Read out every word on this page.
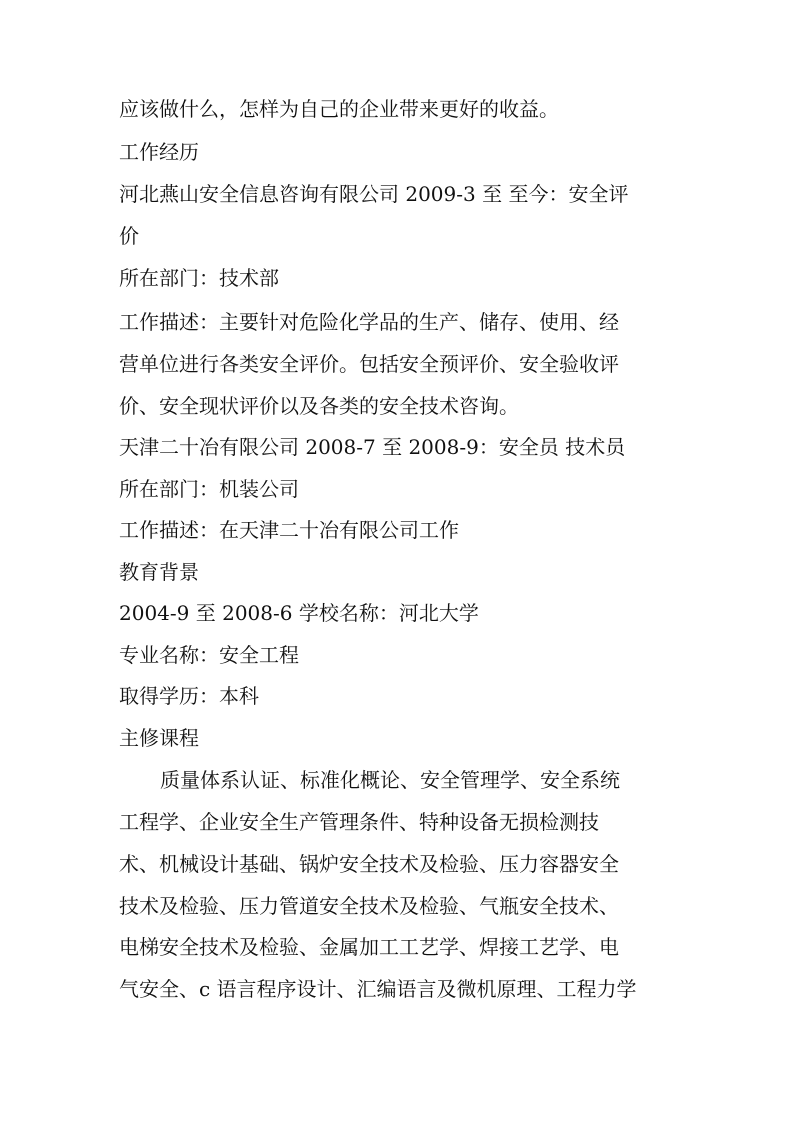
应该做什么，怎样为自己的企业带来更好的收益。
工作经历
河北燕山安全信息咨询有限公司 2009-3 至 至今：安全评
价
所在部门：技术部
工作描述：主要针对危险化学品的生产、储存、使用、经
营单位进行各类安全评价。包括安全预评价、安全验收评
价、安全现状评价以及各类的安全技术咨询。
天津二十冶有限公司 2008-7 至 2008-9：安全员 技术员
所在部门：机装公司
工作描述：在天津二十冶有限公司工作
教育背景
2004-9 至 2008-6 学校名称：河北大学
专业名称：安全工程
取得学历：本科
主修课程
质量体系认证、标准化概论、安全管理学、安全系统
工程学、企业安全生产管理条件、特种设备无损检测技
术、机械设计基础、锅炉安全技术及检验、压力容器安全
技术及检验、压力管道安全技术及检验、气瓶安全技术、
电梯安全技术及检验、金属加工工艺学、焊接工艺学、电
气安全、c 语言程序设计、汇编语言及微机原理、工程力学
